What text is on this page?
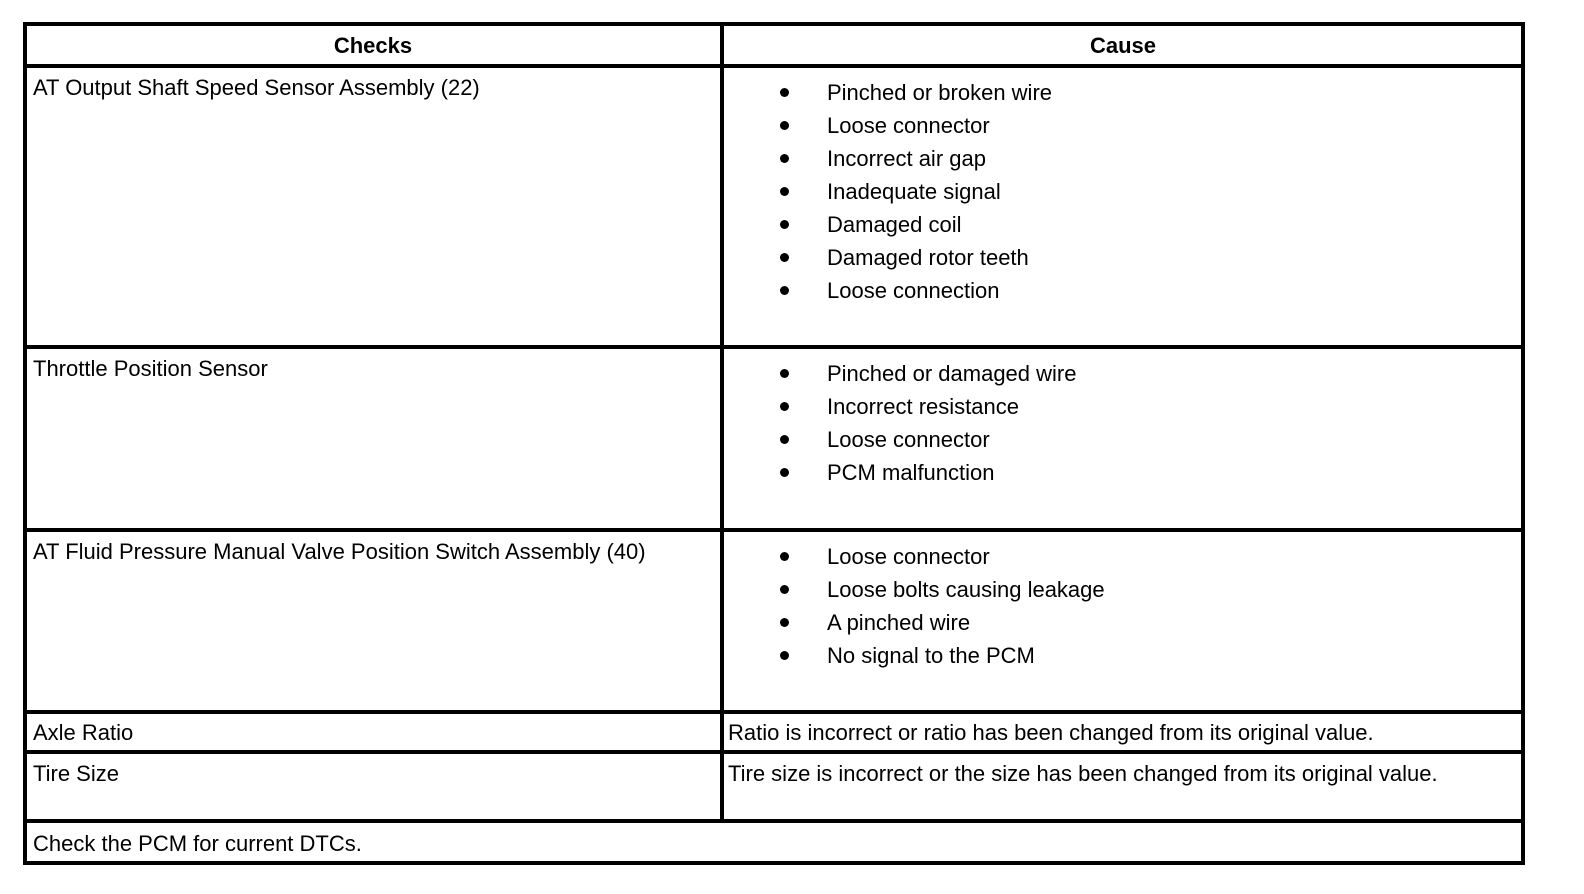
Checks	Cause
AT Output Shaft Speed Sensor Assembly (22)	Pinched or broken wire
Loose connector
Incorrect air gap
Inadequate signal
Damaged coil
Damaged rotor teeth
Loose connection
Throttle Position Sensor	Pinched or damaged wire
Incorrect resistance
Loose connector
PCM malfunction
AT Fluid Pressure Manual Valve Position Switch Assembly (40)	Loose connector
Loose bolts causing leakage
A pinched wire
No signal to the PCM
Axle Ratio	Ratio is incorrect or ratio has been changed from its original value.
Tire Size	Tire size is incorrect or the size has been changed from its original value.
Check the PCM for current DTCs.
